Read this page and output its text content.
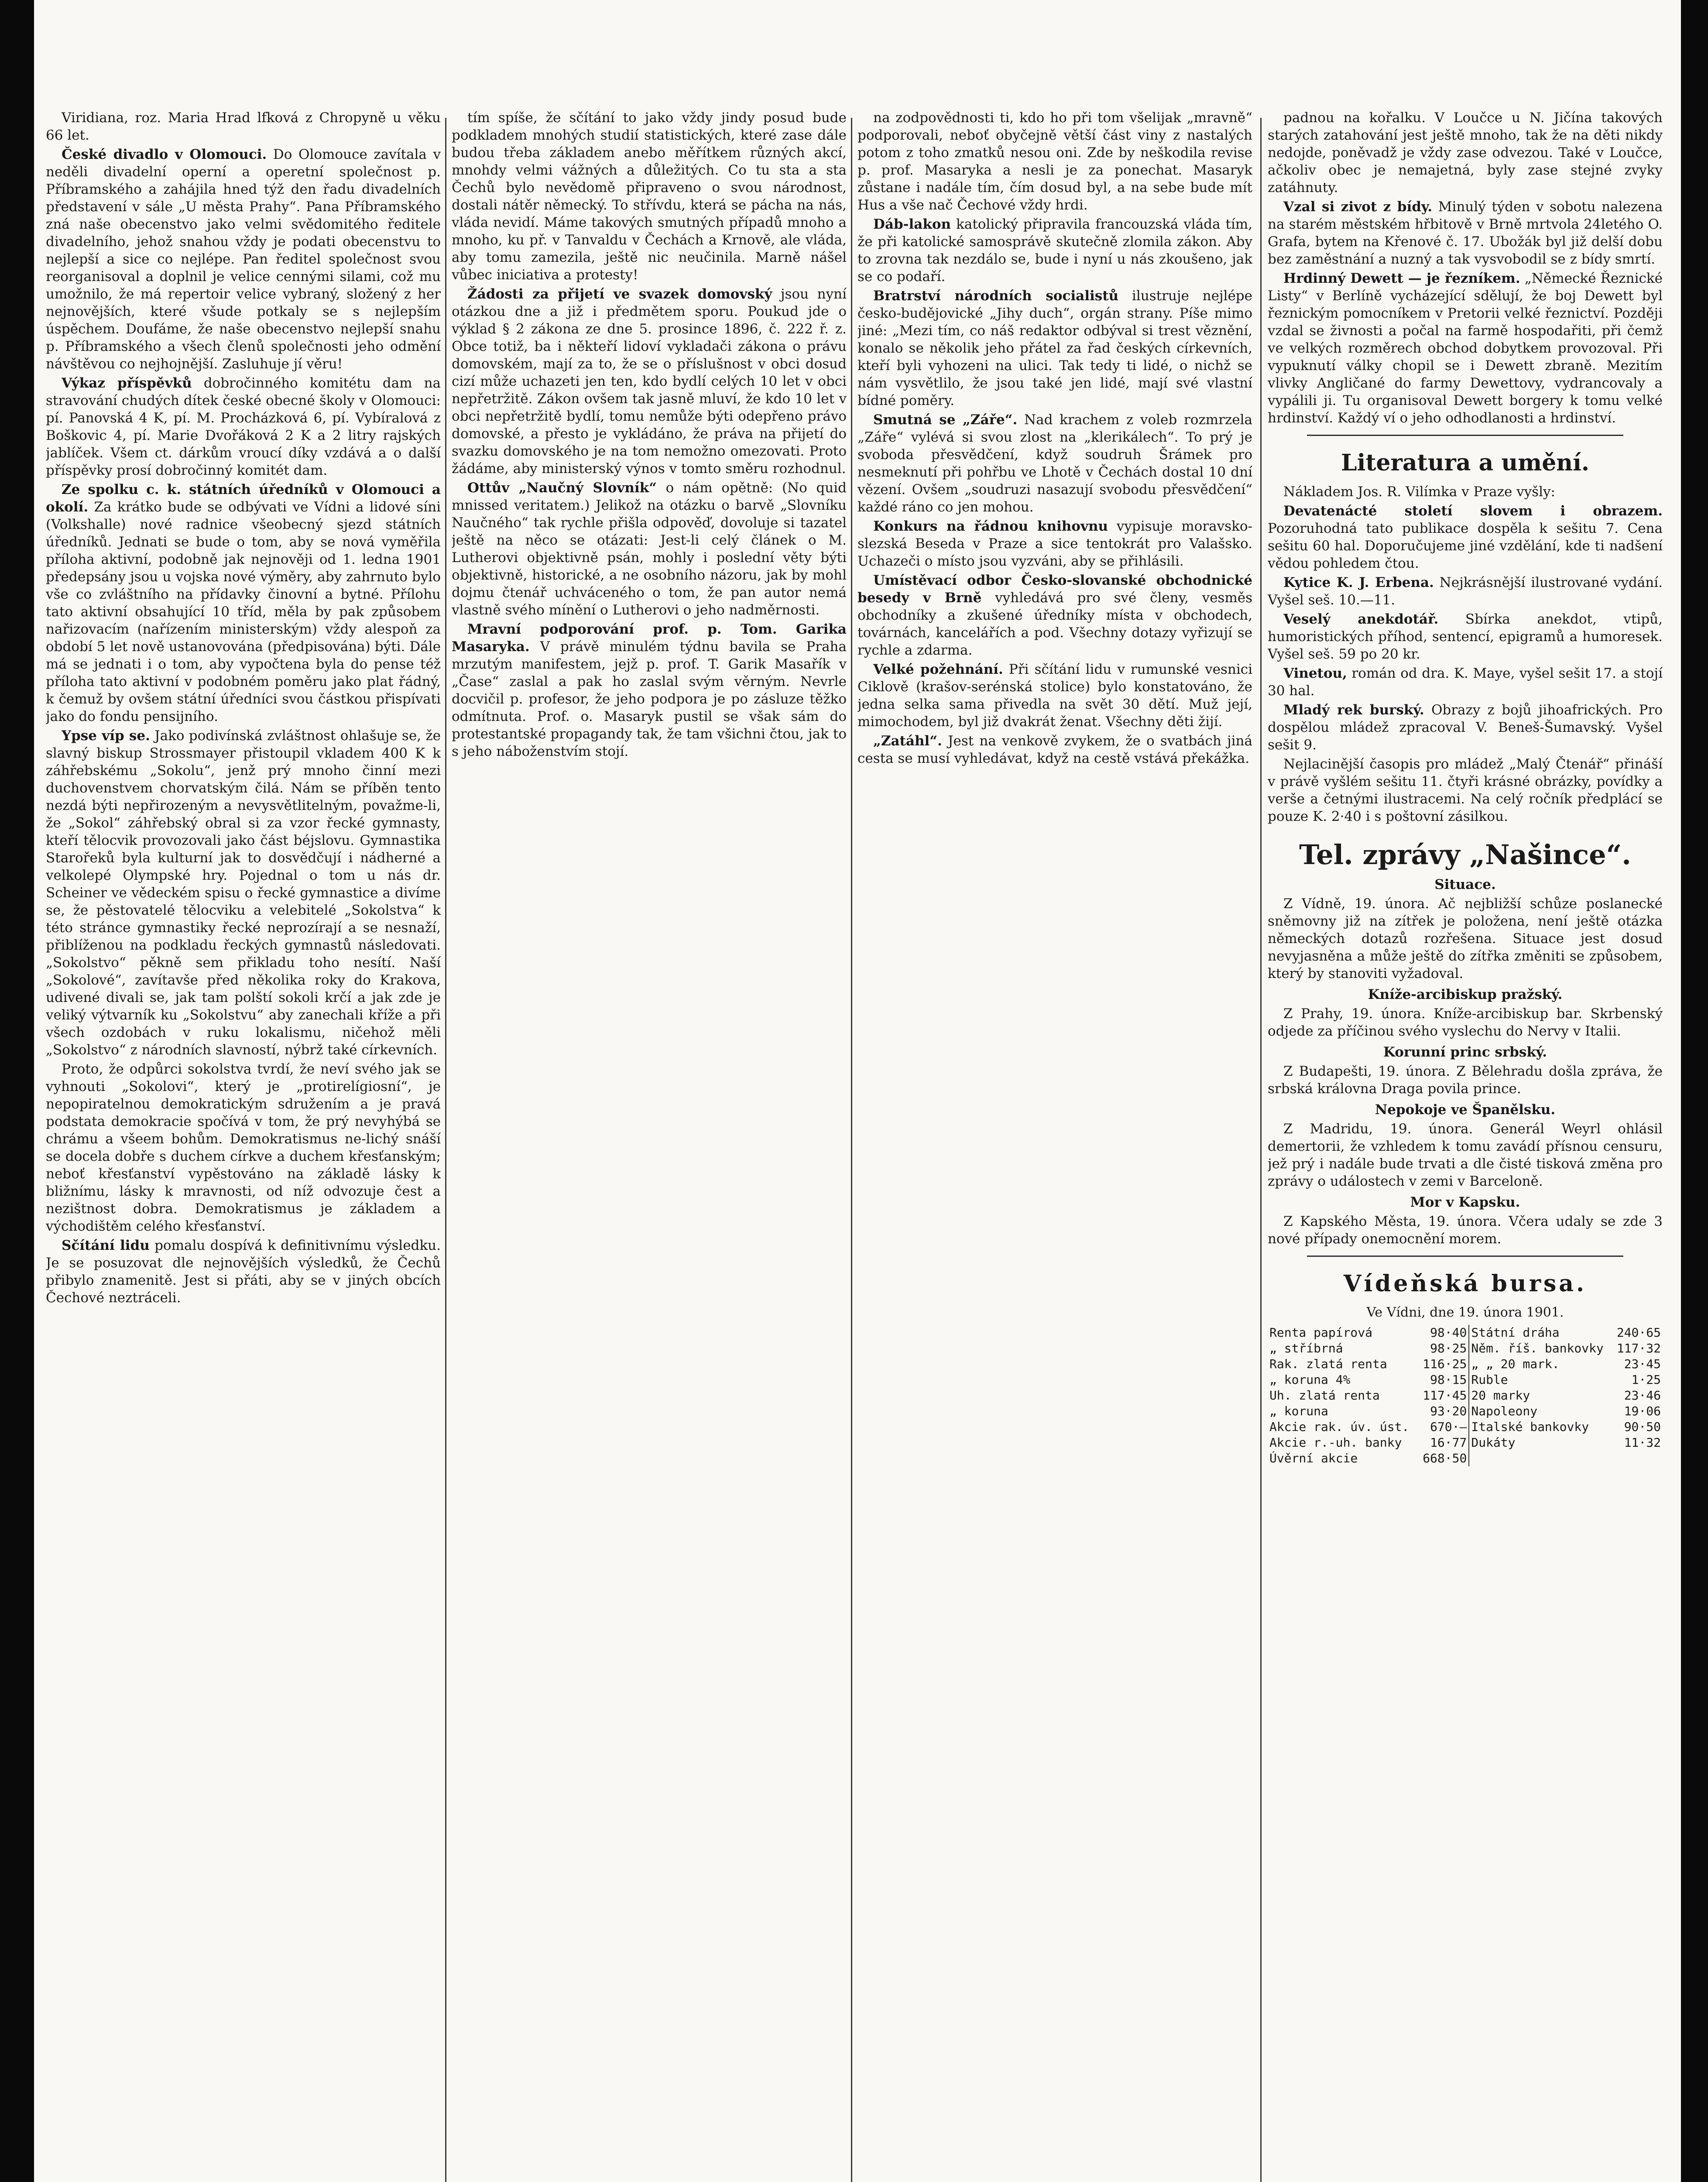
Viridiana, roz. Maria Hrad lfková z Chropyně u věku 66 let.

České divadlo v Olomouci. Do Olomouce zavítala v neděli divadelní operní a operetní společnost p. Příbramského a zahájila hned týž den řadu divadelních představení v sále „U města Prahy“. Pana Příbramského zná naše obecenstvo jako velmi svědomitého ředitele divadelního, jehož snahou vždy je podati obecenstvu to nejlepší a sice co nejlépe. Pan ředitel společnost svou reorganisoval a doplnil je velice cennými silami, což mu umožnilo, že má repertoir velice vybraný, složený z her nejnovějších, které všude potkaly se s nejlepším úspěchem. Doufáme, že naše obecenstvo nejlepší snahu p. Příbramského a všech členů společnosti jeho odmění návštěvou co nejhojnější. Zasluhuje jí věru!

Výkaz příspěvků dobročinného komitétu dam na stravování chudých dítek české obecné školy v Olomouci: pí. Panovská 4 K, pí. M. Procházková 6, pí. Vybíralová z Boškovic 4, pí. Marie Dvořáková 2 K a 2 litry rajských jablíček. Všem ct. dárkům vroucí díky vzdává a o další příspěvky prosí dobročinný komitét dam.

Ze spolku c. k. státních úředníků v Olomouci a okolí. Za krátko bude se odbývati ve Vídni a lidové síni (Volkshalle) nové radnice všeobecný sjezd státních úředníků. Jednati se bude o tom, aby se nová vyměřila příloha aktivní, podobně jak nejnověji od 1. ledna 1901 předepsány jsou u vojska nové výměry, aby zahrnuto bylo vše co zvláštního na přídavky činovní a bytné. Přílohu tato aktivní obsahující 10 tříd, měla by pak způsobem nařizovacím (nařízením ministerským) vždy alespoň za období 5 let nově ustanovována (předpisována) býti. Dále má se jednati i o tom, aby vypočtena byla do pense též příloha tato aktivní v podobném poměru jako plat řádný, k čemuž by ovšem státní úředníci svou částkou přispívati jako do fondu pensijního.

Ypse víp se. Jako podivínská zvláštnost ohlašuje se, že slavný biskup Strossmayer přistoupil vkladem 400 K k záhřebskému „Sokolu“, jenž prý mnoho činní mezi duchovenstvem chorvatským čilá. Nám se příběn tento nezdá býti nepřirozeným a nevysvětlitelným, považme-li, že „Sokol“ záhřebský obral si za vzor řecké gymnasty, kteří tělocvik provozovali jako část béjslovu. Gymnastika Starořeků byla kulturní jak to dosvědčují i nádherné a velkolepé Olympské hry. Pojednal o tom u nás dr. Scheiner ve vědeckém spisu o řecké gymnastice a divíme se, že pěstovatelé tělocviku a velebitelé „Sokolstva“ k této stránce gymnastiky řecké neprozírají a se nesnaží, přiblíženou na podkladu řeckých gymnastů následovati. „Sokolstvo“ pěkně sem přikladu toho nesítí. Naší „Sokolové“, zavítavše před několika roky do Krakova, udivené divali se, jak tam polští sokoli krčí a jak zde je veliký výtvarník ku „Sokolstvu“ aby zanechali kříže a při všech ozdobách v ruku lokalismu, ničehož měli „Sokolstvo“ z národních slavností, nýbrž také církevních.

Proto, že odpůrci sokolstva tvrdí, že neví svého jak se vyhnouti „Sokolovi“, který je „protirelígiosní“, je nepopiratelnou demokratickým sdružením a je pravá podstata demokracie spočívá v tom, že prý nevyhýbá se chrámu a všeem bohům. Demokratismus ne-lichý snáší se docela dobře s duchem církve a duchem křesťanským; neboť křesťanství vypěstováno na základě lásky k bližnímu, lásky k mravnosti, od níž odvozuje čest a nezištnost dobra. Demokratismus je základem a východištěm celého křesťanství.

Sčítání lidu pomalu dospívá k definitivnímu výsledku. Je se posuzovat dle nejnovějších výsledků, že Čechů přibylo znamenitě. Jest si přáti, aby se v jiných obcích Čechové neztráceli.

tím spíše, že sčítání to jako vždy jindy posud bude podkladem mnohých studií statistických, které zase dále budou třeba základem anebo měřítkem různých akcí, mnohdy velmi vážných a důležitých. Co tu sta a sta Čechů bylo nevědomě připraveno o svou národnost, dostali nátěr německý. To střívdu, která se pácha na nás, vláda nevidí. Máme takových smutných případů mnoho a mnoho, ku př. v Tanvaldu v Čechách a Krnově, ale vláda, aby tomu zamezila, ještě nic neučinila. Marně nášel vůbec iniciativa a protesty!

Žádosti za přijetí ve svazek domovský jsou nyní otázkou dne a již i předmětem sporu. Poukud jde o výklad § 2 zákona ze dne 5. prosince 1896, č. 222 ř. z. Obce totiž, ba i někteří lidoví vykladači zákona o právu domovském, mají za to, že se o příslušnost v obci dosud cizí může uchazeti jen ten, kdo bydlí celých 10 let v obci nepřetržitě. Zákon ovšem tak jasně mluví, že kdo 10 let v obci nepřetržitě bydlí, tomu nemůže býti odepřeno právo domovské, a přesto je vykládáno, že práva na přijetí do svazku domovského je na tom nemožno omezovati. Proto žádáme, aby ministerský výnos v tomto směru rozhodnul.

Ottův „Naučný Slovník“ o nám opětně: (No quid mnissed veritatem.) Jelikož na otázku o barvě „Slovníku Naučného“ tak rychle přišla odpověď, dovoluje si tazatel ještě na něco se otázati: Jest-li celý článek o M. Lutherovi objektivně psán, mohly i poslední věty býti objektivně, historické, a ne osobního názoru, jak by mohl dojmu čtenář uchváceného o tom, že pan autor nemá vlastně svého mínění o Lutherovi o jeho nadměrnosti.

Mravní podporování prof. p. Tom. Garika Masaryka. V právě minulém týdnu bavila se Praha mrzutým manifestem, jejž p. prof. T. Garik Masařík v „Čase“ zaslal a pak ho zaslal svým věrným. Nevrle docvičil p. profesor, že jeho podpora je po zásluze těžko odmítnuta. Prof. o. Masaryk pustil se však sám do protestantské propagandy tak, že tam všichni čtou, jak to s jeho náboženstvím stojí.

na zodpovědnosti ti, kdo ho při tom všelijak „mravně“ podporovali, neboť obyčejně větší část viny z nastalých potom z toho zmatků nesou oni. Zde by neškodila revise p. prof. Masaryka a nesli je za ponechat. Masaryk zůstane i nadále tím, čím dosud byl, a na sebe bude mít Hus a vše nač Čechové vždy hrdi.

Dáb-lakon katolický připravila francouzská vláda tím, že při katolické samosprávě skutečně zlomila zákon. Aby to zrovna tak nezdálo se, bude i nyní u nás zkoušeno, jak se co podaří.

Bratrství národních socialistů ilustruje nejlépe česko-budějovické „Jihy duch“, orgán strany. Píše mimo jiné: „Mezi tím, co náš redaktor odbýval si trest věznění, konalo se několik jeho přátel za řad českých církevních, kteří byli vyhozeni na ulici. Tak tedy ti lidé, o nichž se nám vysvětlilo, že jsou také jen lidé, mají své vlastní bídné poměry.

Smutná se „Záře“. Nad krachem z voleb rozmrzela „Záře“ vylévá si svou zlost na „klerikálech“. To prý je svoboda přesvědčení, když soudruh Šrámek pro nesmeknutí při pohřbu ve Lhotě v Čechách dostal 10 dní vězení. Ovšem „soudruzi nasazují svobodu přesvědčení“ každé ráno co jen mohou.

Konkurs na řádnou knihovnu vypisuje moravsko-slezská Beseda v Praze a sice tentokrát pro Valašsko. Uchazeči o místo jsou vyzváni, aby se přihlásili.

Umístěvací odbor Česko-slovanské obchodnické besedy v Brně vyhledává pro své členy, vesměs obchodníky a zkušené úředníky místa v obchodech, továrnách, kancelářích a pod. Všechny dotazy vyřizují se rychle a zdarma.

Velké požehnání. Při sčítání lidu v rumunské vesnici Ciklově (krašov-serénská stolice) bylo konstatováno, že jedna selka sama přivedla na svět 30 dětí. Muž její, mimochodem, byl již dvakrát ženat. Všechny děti žijí.

„Zatáhl“. Jest na venkově zvykem, že o svatbách jiná cesta se musí vyhledávat, když na cestě vstává překážka.

padnou na kořalku. V Loučce u N. Jičína takových starých zatahování jest ještě mnoho, tak že na děti nikdy nedojde, poněvadž je vždy zase odvezou. Také v Loučce, ačkoliv obec je nemajetná, byly zase stejné zvyky zatáhnuty.

Vzal si zivot z bídy. Minulý týden v sobotu nalezena na starém městském hřbitově v Brně mrtvola 24letého O. Grafa, bytem na Křenové č. 17. Ubožák byl již delší dobu bez zaměstnání a nuzný a tak vysvobodil se z bídy smrtí.

Hrdinný Dewett — je řezníkem. „Německé Řeznické Listy“ v Berlíně vycházející sdělují, že boj Dewett byl řeznickým pomocníkem v Pretorii velké řeznictví. Později vzdal se živnosti a počal na farmě hospodařiti, při čemž ve velkých rozměrech obchod dobytkem provozoval. Při vypuknutí války chopil se i Dewett zbraně. Mezitím vlivky Angličané do farmy Dewettovy, vydrancovaly a vypálili ji. Tu organisoval Dewett borgery k tomu velké hrdinství. Každý ví o jeho odhodlanosti a hrdinství.

Literatura a umění.

Nákladem Jos. R. Vilímka v Praze vyšly:

Devatenácté století slovem i obrazem. Pozoruhodná tato publikace dospěla k sešitu 7. Cena sešitu 60 hal. Doporučujeme jiné vzdělání, kde ti nadšení vědou pohledem čtou.

Kytice K. J. Erbena. Nejkrásnější ilustrované vydání. Vyšel seš. 10.—11.

Veselý anekdotář. Sbírka anekdot, vtipů, humoristických příhod, sentencí, epigramů a humoresek. Vyšel seš. 59 po 20 kr.

Vinetou, román od dra. K. Maye, vyšel sešit 17. a stojí 30 hal.

Mladý rek burský. Obrazy z bojů jihoafrických. Pro dospělou mládež zpracoval V. Beneš-Šumavský. Vyšel sešit 9.

Nejlacinější časopis pro mládež „Malý Čtenář“ přináší v právě vyšlém sešitu 11. čtyři krásné obrázky, povídky a verše a četnými ilustracemi. Na celý ročník předplácí se pouze K. 2·40 i s poštovní zásilkou.

Tel. zprávy „Našince“.
Situace.

Z Vídně, 19. února. Ač nejbližší schůze poslanecké sněmovny již na zítřek je položena, není ještě otázka německých dotazů rozřešena. Situace jest dosud nevyjasněna a může ještě do zítřka změniti se způsobem, který by stanoviti vyžadoval.

Kníže-arcibiskup pražský.

Z Prahy, 19. února. Kníže-arcibiskup bar. Skrbenský odjede za příčinou svého vyslechu do Nervy v Italii.

Korunní princ srbský.

Z Budapešti, 19. února. Z Bělehradu došla zpráva, že srbská královna Draga povila prince.

Nepokoje ve Španělsku.

Z Madridu, 19. února. Generál Weyrl ohlásil demertorii, že vzhledem k tomu zavádí přísnou censuru, jež prý i nadále bude trvati a dle čisté tisková změna pro zprávy o událostech v zemi v Barceloně.

Mor v Kapsku.

Z Kapského Města, 19. února. Včera udaly se zde 3 nové případy onemocnění morem.

Vídeňská bursa.
Ve Vídni, dne 19. února 1901.
Renta papírová	98·40	Státní dráha	240·65
„ stříbrná	98·25	Něm. říš. bankovky	117·32
Rak. zlatá renta	116·25	„ „ 20 mark.	23·45
„ koruna 4%	98·15	Ruble	1·25
Uh. zlatá renta	117·45	20 marky	23·46
„ koruna	93·20	Napoleony	19·06
Akcie rak. úv. úst.	670·—	Italské bankovky	90·50
Akcie r.-uh. banky	16·77	Dukáty	11·32
Úvěrní akcie	668·50		
